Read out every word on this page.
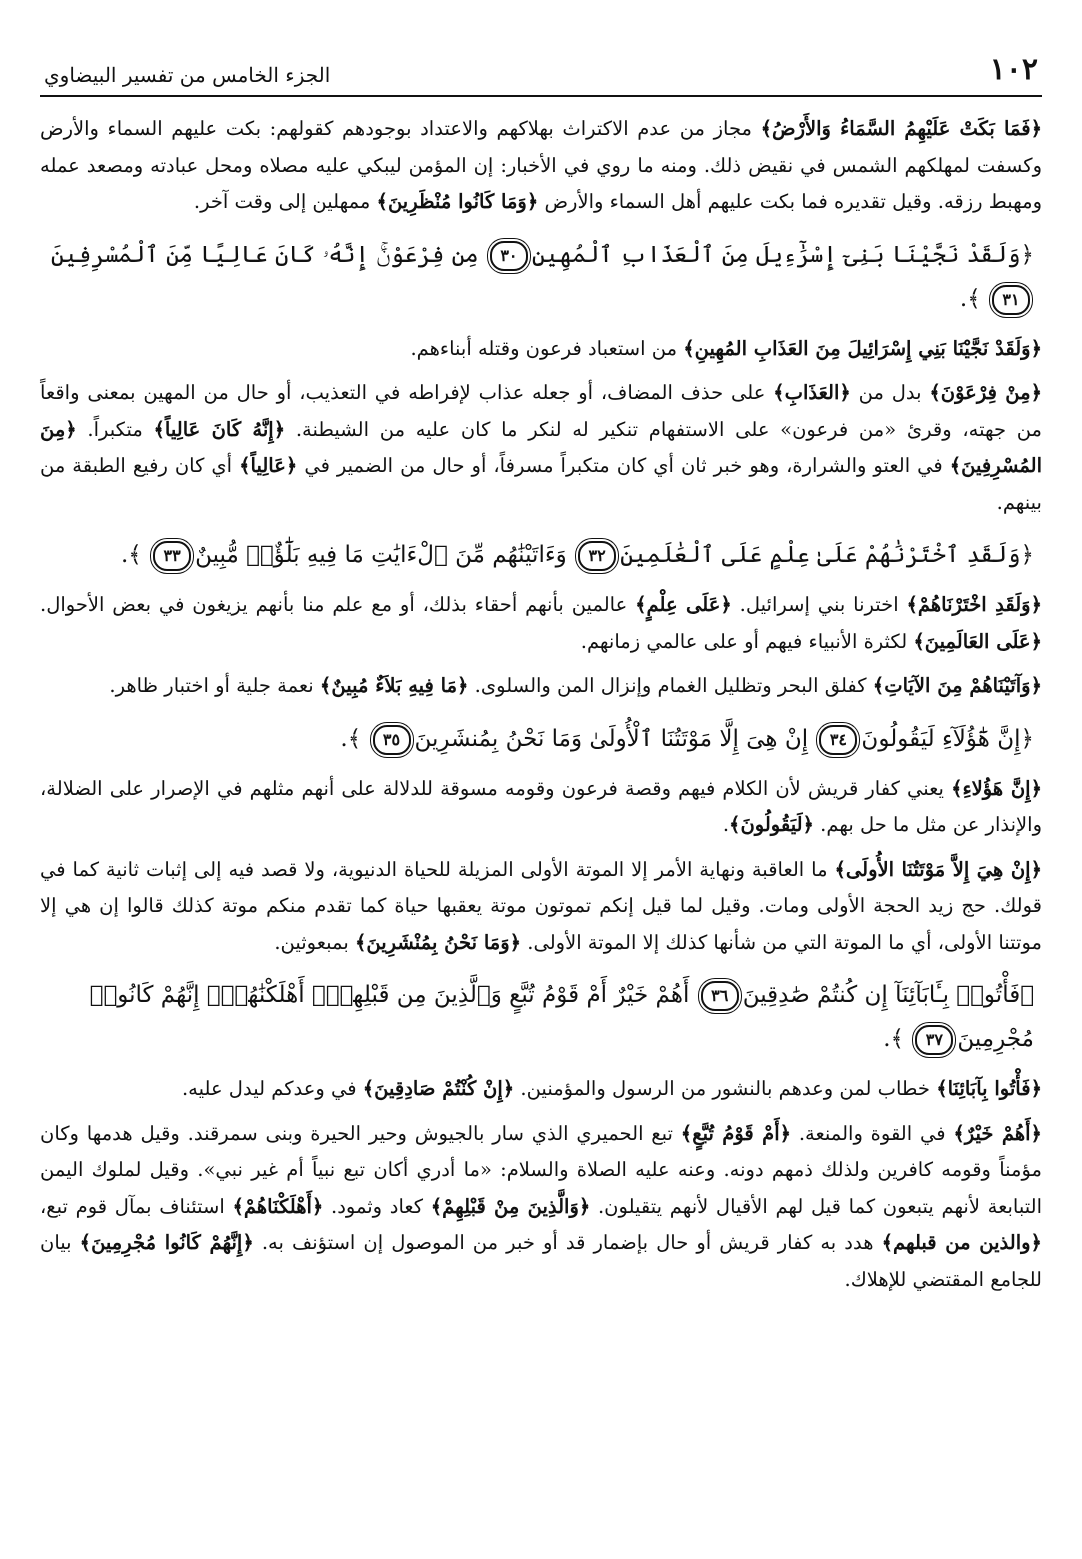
١٠٢
الجزء الخامس من تفسير البيضاوي
﴿فَمَا بَكَتْ عَلَيْهِمُ السَّمَاءُ وَالأَرْضُ﴾ مجاز من عدم الاكتراث بهلاكهم والاعتداد بوجودهم كقولهم: بكت عليهم السماء والأرض وكسفت لمهلكهم الشمس في نقيض ذلك. ومنه ما روي في الأخبار: إن المؤمن ليبكي عليه مصلاه ومحل عبادته ومصعد عمله ومهبط رزقه. وقيل تقديره فما بكت عليهم أهل السماء والأرض ﴿وَمَا كَانُوا مُنْظَرِينَ﴾ ممهلين إلى وقت آخر.
﴿وَلَقَدْ نَجَّيْنَا بَنِىٓ إِسْرَٰٓءِيلَ مِنَ ٱلْعَذَابِ ٱلْمُهِينِ٣٠ مِن فِرْعَوْنَۚ إِنَّهُۥ كَانَ عَالِيًا مِّنَ ٱلْمُسْرِفِينَ٣١ ﴾.
﴿وَلَقَدْ نَجَّيْنَا بَنِي إِسْرَائِيلَ مِنَ العَذَابِ المُهِينِ﴾ من استعباد فرعون وقتله أبناءهم.
﴿مِنْ فِرْعَوْنَ﴾ بدل من ﴿العَذَابِ﴾ على حذف المضاف، أو جعله عذاب لإفراطه في التعذيب، أو حال من المهين بمعنى واقعاً من جهته، وقرئ «من فرعون» على الاستفهام تنكير له لنكر ما كان عليه من الشيطنة. ﴿إِنَّهُ كَانَ عَالِياً﴾ متكبراً. ﴿مِنَ المُسْرِفِينَ﴾ في العتو والشرارة، وهو خبر ثان أي كان متكبراً مسرفاً، أو حال من الضمير في ﴿عَالِياً﴾ أي كان رفيع الطبقة من بينهم.
﴿وَلَقَدِ ٱخْتَرْنَٰهُمْ عَلَىٰ عِلْمٍ عَلَى ٱلْعَٰلَمِينَ٣٢ وَءَاتَيْنَٰهُم مِّنَ ٱلْءَايَٰتِ مَا فِيهِ بَلَٰٓؤٌا۟ مُّبِينٌ٣٣ ﴾.
﴿وَلَقَدِ اخْتَرْنَاهُمْ﴾ اخترنا بني إسرائيل. ﴿عَلَى عِلْمٍ﴾ عالمين بأنهم أحقاء بذلك، أو مع علم منا بأنهم يزيغون في بعض الأحوال. ﴿عَلَى العَالَمِينَ﴾ لكثرة الأنبياء فيهم أو على عالمي زمانهم.
﴿وَآتَيْنَاهُمْ مِنَ الآيَاتِ﴾ كفلق البحر وتظليل الغمام وإنزال المن والسلوى. ﴿مَا فِيهِ بَلاَءٌ مُبِينٌ﴾ نعمة جلية أو اختبار ظاهر.
﴿إِنَّ هَٰٓؤُلَآءِ لَيَقُولُونَ٣٤ إِنْ هِىَ إِلَّا مَوْتَتُنَا ٱلْأُولَىٰ وَمَا نَحْنُ بِمُنشَرِينَ٣٥ ﴾.
﴿إِنَّ هَؤُلاءِ﴾ يعني كفار قريش لأن الكلام فيهم وقصة فرعون وقومه مسوقة للدلالة على أنهم مثلهم في الإصرار على الضلالة، والإنذار عن مثل ما حل بهم. ﴿لَيَقُولُونَ﴾.
﴿إِنْ هِيَ إِلاَّ مَوْتَتُنَا الأُولَى﴾ ما العاقبة ونهاية الأمر إلا الموتة الأولى المزيلة للحياة الدنيوية، ولا قصد فيه إلى إثبات ثانية كما في قولك. حج زيد الحجة الأولى ومات. وقيل لما قيل إنكم تموتون موتة يعقبها حياة كما تقدم منكم موتة كذلك قالوا إن هي إلا موتتنا الأولى، أي ما الموتة التي من شأنها كذلك إلا الموتة الأولى. ﴿وَمَا نَحْنُ بِمُنْشَرِينَ﴾ بمبعوثين.
﴿فَأْتُوا۟ بِـَٔابَآئِنَآ إِن كُنتُمْ صَٰدِقِينَ٣٦ أَهُمْ خَيْرٌ أَمْ قَوْمُ تُبَّعٍ وَٱلَّذِينَ مِن قَبْلِهِمْۚ أَهْلَكْنَٰهُمْۖ إِنَّهُمْ كَانُوا۟ مُجْرِمِينَ٣٧ ﴾.
﴿فَأْتُوا بِآبَائِنَا﴾ خطاب لمن وعدهم بالنشور من الرسول والمؤمنين. ﴿إِنْ كُنْتُمْ صَادِقِينَ﴾ في وعدكم ليدل عليه.
﴿أَهُمْ خَيْرٌ﴾ في القوة والمنعة. ﴿أَمْ قَوْمُ تُبَّعٍ﴾ تبع الحميري الذي سار بالجيوش وحير الحيرة وبنى سمرقند. وقيل هدمها وكان مؤمناً وقومه كافرين ولذلك ذمهم دونه. وعنه عليه الصلاة والسلام: «ما أدري أكان تبع نبياً أم غير نبي». وقيل لملوك اليمن التبابعة لأنهم يتبعون كما قيل لهم الأقيال لأنهم يتقيلون. ﴿وَالَّذِينَ مِنْ قَبْلِهِمْ﴾ كعاد وثمود. ﴿أَهْلَكْنَاهُمْ﴾ استئناف بمآل قوم تبع، ﴿والذين من قبلهم﴾ هدد به كفار قريش أو حال بإضمار قد أو خبر من الموصول إن استؤنف به. ﴿إِنَّهُمْ كَانُوا مُجْرِمِينَ﴾ بيان للجامع المقتضي للإهلاك.
